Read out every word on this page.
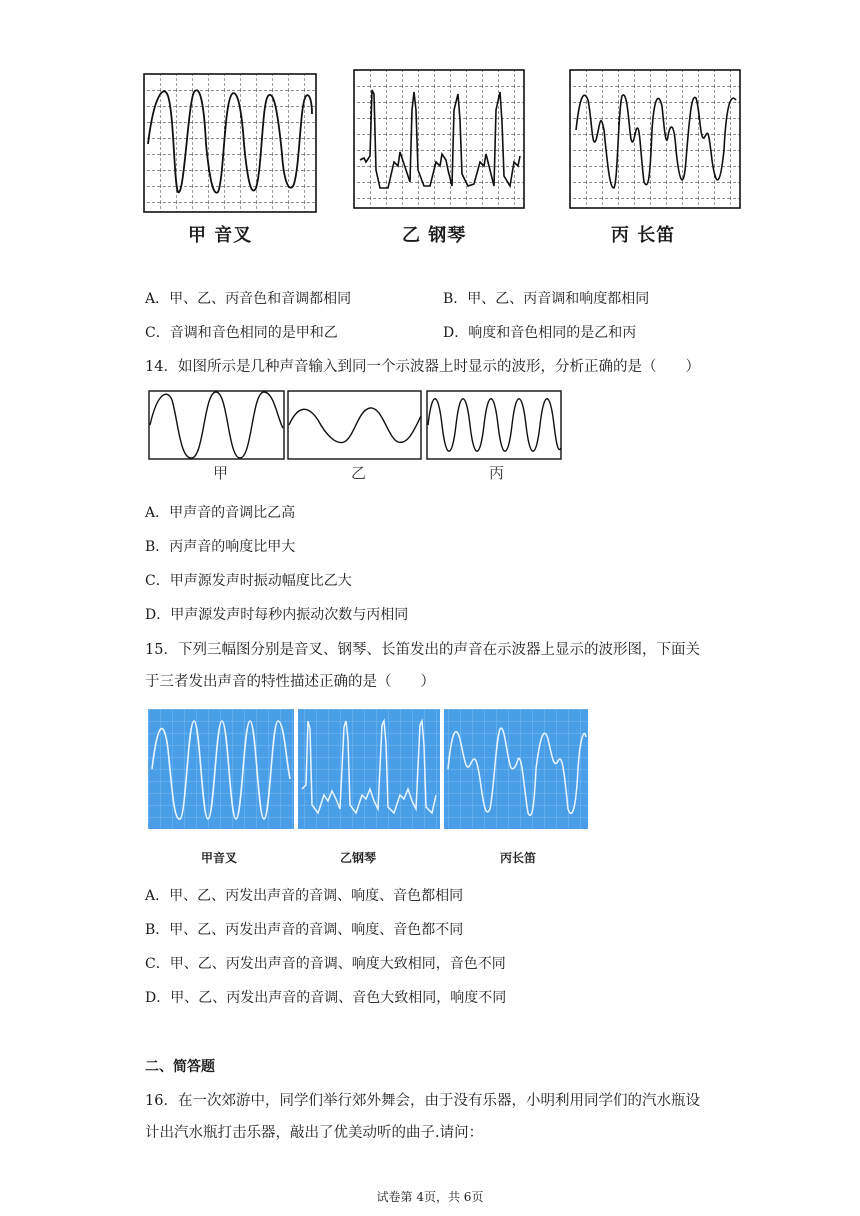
甲 音叉	乙 钢琴	丙 长笛
A．甲、乙、丙音色和音调都相同	B．甲、乙、丙音调和响度都相同
C．音调和音色相同的是甲和乙	D．响度和音色相同的是乙和丙
14．如图所示是几种声音输入到同一个示波器上时显示的波形，分析正确的是（　　）
甲	乙	丙
A．甲声音的音调比乙高
B．丙声音的响度比甲大
C．甲声源发声时振动幅度比乙大
D．甲声源发声时每秒内振动次数与丙相同
15．下列三幅图分别是音叉、钢琴、长笛发出的声音在示波器上显示的波形图，下面关
于三者发出声音的特性描述正确的是（　　）
甲音叉	乙钢琴	丙长笛
A．甲、乙、丙发出声音的音调、响度、音色都相同
B．甲、乙、丙发出声音的音调、响度、音色都不同
C．甲、乙、丙发出声音的音调、响度大致相同，音色不同
D．甲、乙、丙发出声音的音调、音色大致相同，响度不同
二、简答题
16．在一次郊游中，同学们举行郊外舞会，由于没有乐器，小明利用同学们的汽水瓶设
计出汽水瓶打击乐器，敲出了优美动听的曲子.请问：
试卷第 4页，共 6页
